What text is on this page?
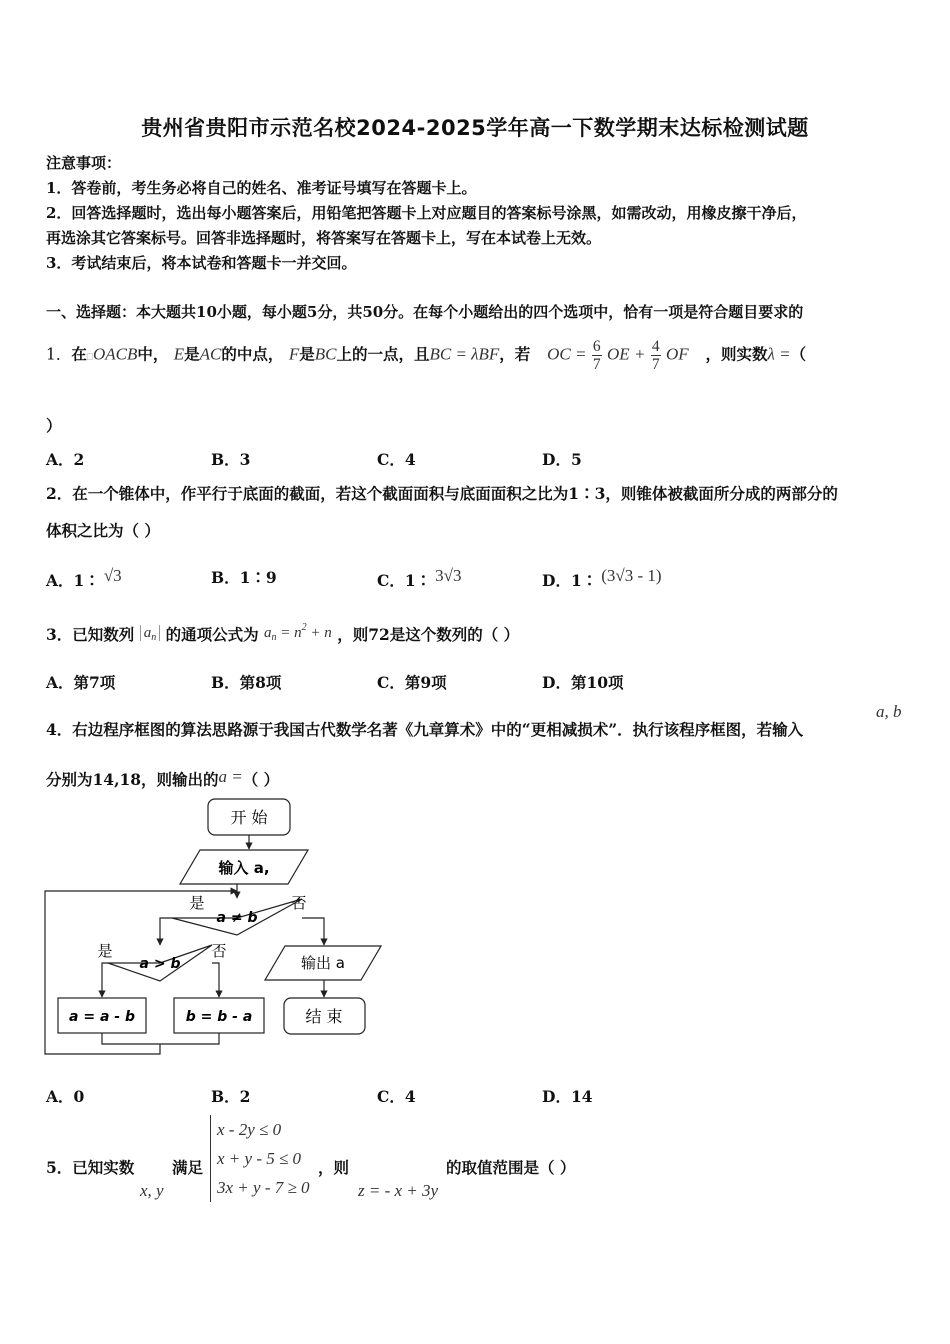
贵州省贵阳市示范名校2024-2025学年高一下数学期末达标检测试题
注意事项：
1．答卷前，考生务必将自己的姓名、准考证号填写在答题卡上。
2．回答选择题时，选出每小题答案后，用铅笔把答题卡上对应题目的答案标号涂黑，如需改动，用橡皮擦干净后，
再选涂其它答案标号。回答非选择题时，将答案写在答题卡上，写在本试卷上无效。
3．考试结束后，将本试卷和答题卡一并交回。
一、选择题：本大题共10小题，每小题5分，共50分。在每个小题给出的四个选项中，恰有一项是符合题目要求的
1．在□OACB中， E是AC的中点， F是BC上的一点，且BC = λBF，若 OC = $\frac{6}{7}$ OE + $\frac{4}{7}$ OF ，则实数λ =（
）
A．2	B．3	C．4	D．5
2．在一个锥体中，作平行于底面的截面，若这个截面面积与底面面积之比为1∶3，则锥体被截面所分成的两部分的
体积之比为（ ）
A．1∶ √3	B．1∶9	C．1∶ 3√3	D．1∶ (3√3 - 1)
3．已知数列 $a_n$ 的通项公式为 $a_n = n^2 + n$ ，则72是这个数列的（ ）
A．第7项	B．第8项	C．第9项	D．第10项
4．右边程序框图的算法思路源于我国古代数学名著《九章算术》中的“更相减损术”．执行该程序框图，若输入
a, b
分别为14,18，则输出的a =（ ）
开 始
输入 a,
a ≠ b
是	否
a > b
是	否
输出 a
a = a - b	b = b - a	结 束
A．0	B．2	C．4	D．14
5．已知实数 满足
x - 2y ≤ 0
x + y - 5 ≤ 0
3x + y - 7 ≥ 0
，则	的取值范围是（ ）
x, y	z = - x + 3y
